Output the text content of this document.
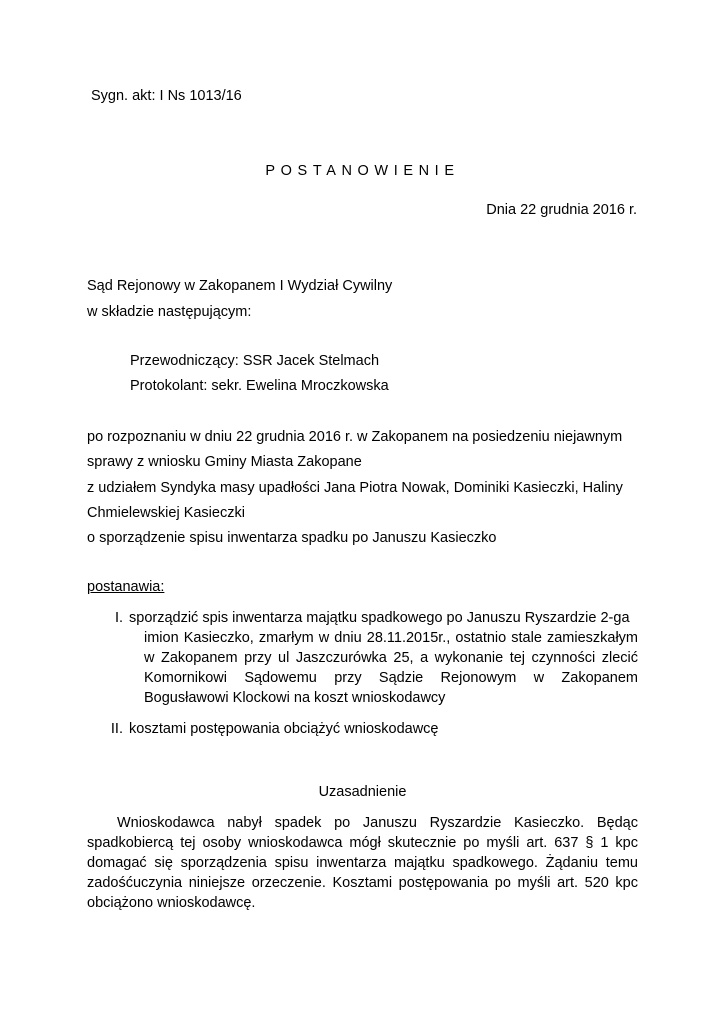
Sygn. akt: I Ns 1013/16
POSTANOWIENIE
Dnia 22 grudnia 2016 r.
Sąd Rejonowy w Zakopanem I Wydział Cywilny
w składzie następującym:
Przewodniczący: SSR Jacek Stelmach
Protokolant: sekr. Ewelina Mroczkowska
po rozpoznaniu w dniu 22 grudnia 2016 r. w Zakopanem na posiedzeniu niejawnym
sprawy z wniosku Gminy Miasta Zakopane
z udziałem Syndyka masy upadłości Jana Piotra Nowak, Dominiki Kasieczki, Haliny
Chmielewskiej Kasieczki
o sporządzenie spisu inwentarza spadku po Januszu Kasieczko
postanawia:
I. sporządzić spis inwentarza majątku spadkowego po Januszu Ryszardzie 2-ga
imion Kasieczko, zmarłym w dniu 28.11.2015r., ostatnio stale zamieszkałym w Zakopanem przy ul Jaszczurówka 25, a wykonanie tej czynności zlecić Komornikowi Sądowemu przy Sądzie Rejonowym w Zakopanem Bogusławowi Klockowi na koszt wnioskodawcy
II. kosztami postępowania obciążyć wnioskodawcę
Uzasadnienie
Wnioskodawca nabył spadek po Januszu Ryszardzie Kasieczko. Będąc spadkobiercą tej osoby wnioskodawca mógł skutecznie po myśli art. 637 § 1 kpc domagać się sporządzenia spisu inwentarza majątku spadkowego. Żądaniu temu zadośćuczynia niniejsze orzeczenie. Kosztami postępowania po myśli art. 520 kpc obciążono wnioskodawcę.
